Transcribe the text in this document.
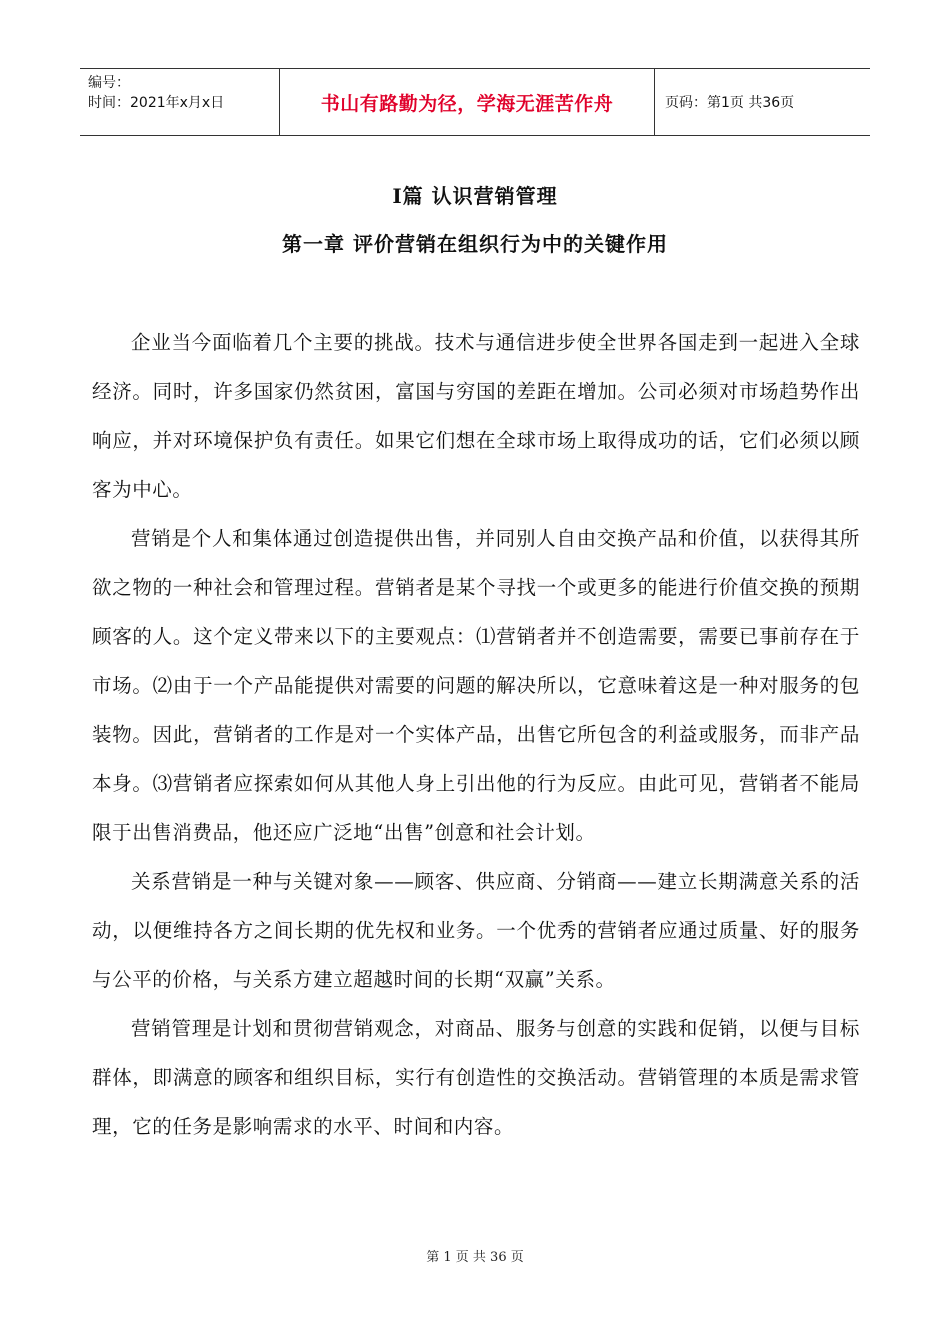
编号：
时间：2021年x月x日	书山有路勤为径，学海无涯苦作舟	页码：第1页 共36页
I篇 认识营销管理
第一章 评价营销在组织行为中的关键作用

企业当今面临着几个主要的挑战。技术与通信进步使全世界各国走到一起进入全球经济。同时，许多国家仍然贫困，富国与穷国的差距在增加。公司必须对市场趋势作出响应，并对环境保护负有责任。如果它们想在全球市场上取得成功的话，它们必须以顾客为中心。

营销是个人和集体通过创造提供出售，并同别人自由交换产品和价值，以获得其所欲之物的一种社会和管理过程。营销者是某个寻找一个或更多的能进行价值交换的预期顾客的人。这个定义带来以下的主要观点：⑴营销者并不创造需要，需要已事前存在于市场。⑵由于一个产品能提供对需要的问题的解决所以，它意味着这是一种对服务的包装物。因此，营销者的工作是对一个实体产品，出售它所包含的利益或服务，而非产品本身。⑶营销者应探索如何从其他人身上引出他的行为反应。由此可见，营销者不能局限于出售消费品，他还应广泛地“出售”创意和社会计划。

关系营销是一种与关键对象——顾客、供应商、分销商——建立长期满意关系的活动，以便维持各方之间长期的优先权和业务。一个优秀的营销者应通过质量、好的服务与公平的价格，与关系方建立超越时间的长期“双赢”关系。

营销管理是计划和贯彻营销观念，对商品、服务与创意的实践和促销，以便与目标群体，即满意的顾客和组织目标，实行有创造性的交换活动。营销管理的本质是需求管理，它的任务是影响需求的水平、时间和内容。

第 1 页 共 36 页
